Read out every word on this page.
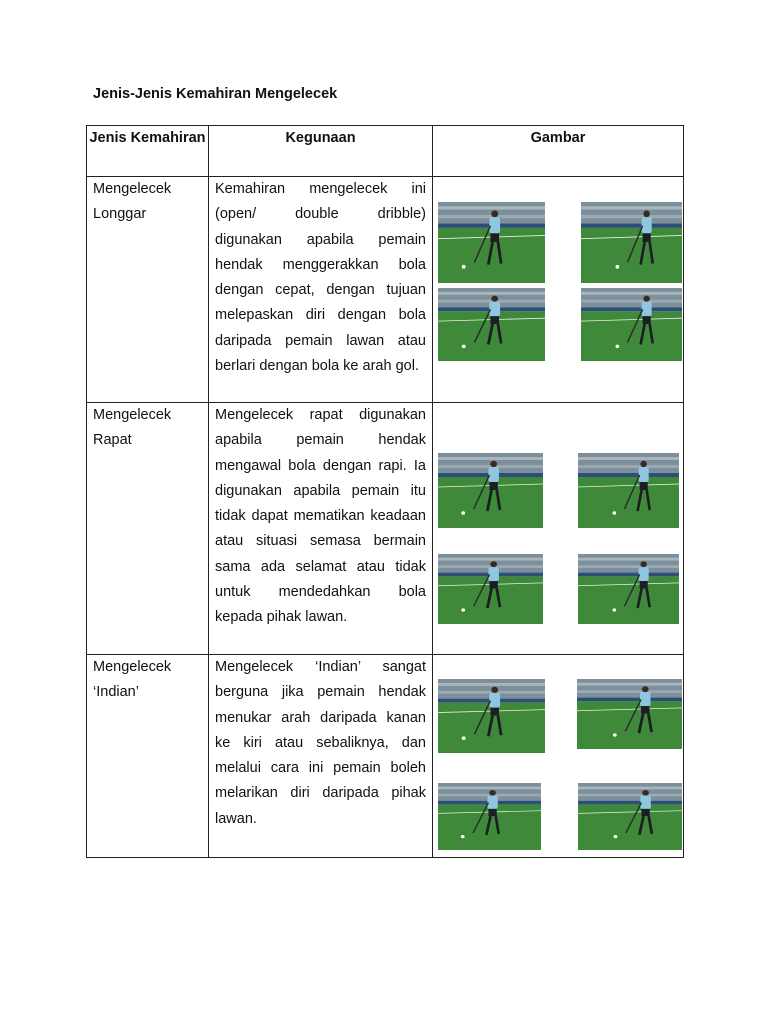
Jenis-Jenis Kemahiran Mengelecek
Jenis Kemahiran	Kegunaan	Gambar
Mengelecek Longgar	Kemahiran mengelecek ini (open/ double dribble) digunakan apabila pemain hendak menggerakkan bola dengan cepat, dengan tujuan melepaskan diri dengan bola daripada pemain lawan atau berlari dengan bola ke arah gol.	

Mengelecek Rapat	Mengelecek rapat digunakan apabila pemain hendak mengawal bola dengan rapi. Ia digunakan apabila pemain itu tidak dapat mematikan keadaan atau situasi semasa bermain sama ada selamat atau tidak untuk mendedahkan bola kepada pihak lawan.	

Mengelecek ‘Indian’	Mengelecek ‘Indian’ sangat berguna jika pemain hendak menukar arah daripada kanan ke kiri atau sebaliknya, dan melalui cara ini pemain boleh melarikan diri daripada pihak lawan.	
